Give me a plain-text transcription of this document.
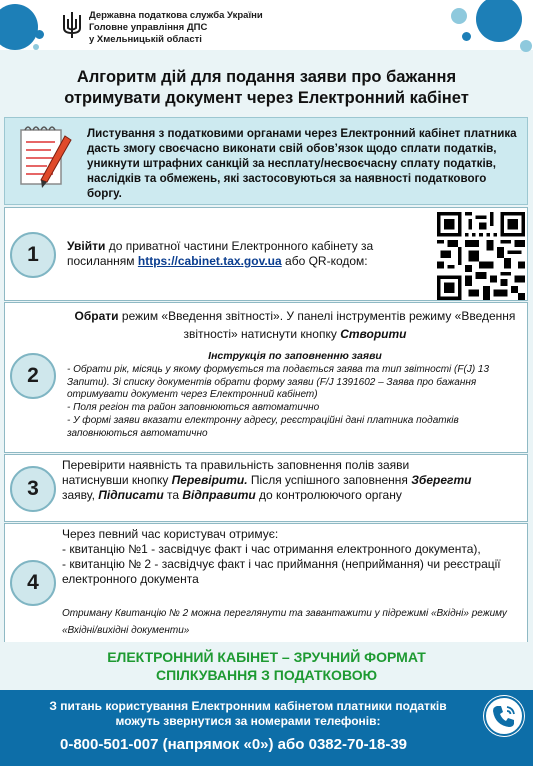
Державна податкова служба України
Головне управління ДПС
у Хмельницькій області
Алгоритм дій для подання заяви про бажання
отримувати документ через Електронний кабінет
Листування з податковими органами через Електронний кабінет платника дасть змогу своєчасно виконати свій обов’язок щодо сплати податків, уникнути штрафних санкцій за несплату/несвоєчасну сплату податків, наслідків та обмежень, які застосовуються за наявності податкового боргу.
1	Увійти до приватної частини Електронного кабінету за посиланням https://cabinet.tax.gov.ua або QR-кодом:
2
Обрати режим «Введення звітності». У панелі інструментів режиму «Введення звітності» натиснути кнопку Створити
Інструкція по заповненню заяви
- Обрати рік, місяць у якому формується та подається заява та тип звітності (F(J) 13 Запити). Зі списку документів обрати форму заяви (F/J 1391602 – Заява про бажання отримувати документ через Електронний кабінет)
- Поля регіон та район заповнюються автоматично
- У формі заяви вказати електронну адресу, реєстраційні дані платника податків заповнюються автоматично
3
Перевірити наявність та правильність заповнення полів заяви натиснувши кнопку Перевірити. Після успішного заповнення Зберегти заяву, Підписати та Відправити до контролюючого органу
4
Через певний час користувач отримує:
- квитанцію №1 - засвідчує факт і час отримання електронного документа),
- квитанцію № 2 - засвідчує факт і час приймання (неприймання) чи реєстрації електронного документа
Отриману Квитанцію № 2 можна переглянути та завантажити у підрежимі «Вхідні» режиму «Вхідні/вихідні документи»
ЕЛЕКТРОННИЙ КАБІНЕТ – ЗРУЧНИЙ ФОРМАТ
СПІЛКУВАННЯ З ПОДАТКОВОЮ
З питань користування Електронним кабінетом платники податків можуть звернутися за номерами телефонів:
0-800-501-007 (напрямок «0») або 0382-70-18-39
